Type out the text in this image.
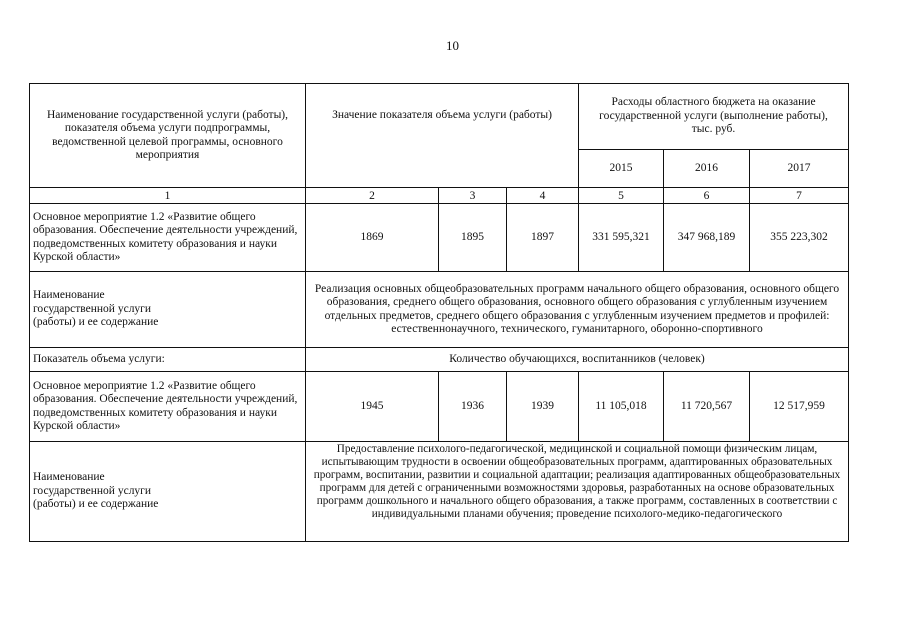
10
Наименование государственной услуги (работы), показателя объема услуги подпрограммы, ведомственной целевой программы, основного мероприятия	Значение показателя объема услуги (работы)			Расходы областного бюджета на оказание государственной услуги (выполнение работы),
тыс. руб.		
				2015	2016	2017
1	2	3	4	5	6	7
Основное мероприятие 1.2 «Развитие общего образования. Обеспечение деятельности учреждений, подведомственных комитету образования и науки Курской области»	1869	1895	1897	331 595,321	347 968,189	355 223,302
Наименование государственной услуги (работы) и ее содержание	Реализация основных общеобразовательных программ начального общего образования, основного общего образования, среднего общего образования, основного общего образования с углубленным изучением отдельных предметов, среднего общего образования с углубленным изучением предметов и профилей: естественнонаучного, технического, гуманитарного, оборонно-спортивного					
Показатель объема услуги:	Количество обучающихся, воспитанников (человек)					
Основное мероприятие 1.2 «Развитие общего образования. Обеспечение деятельности учреждений, подведомственных комитету образования и науки Курской области»	1945	1936	1939	11 105,018	11 720,567	12 517,959
Наименование государственной услуги (работы) и ее содержание	Предоставление психолого-педагогической, медицинской и социальной помощи физическим лицам, испытывающим трудности в освоении общеобразовательных программ, адаптированных образовательных программ, воспитании, развитии и социальной адаптации; реализация адаптированных общеобразовательных программ для детей с ограниченными возможностями здоровья, разработанных на основе образовательных программ дошкольного и начального общего образования, а также программ, составленных в соответствии с индивидуальными планами обучения; проведение психолого-медико-педагогического					
